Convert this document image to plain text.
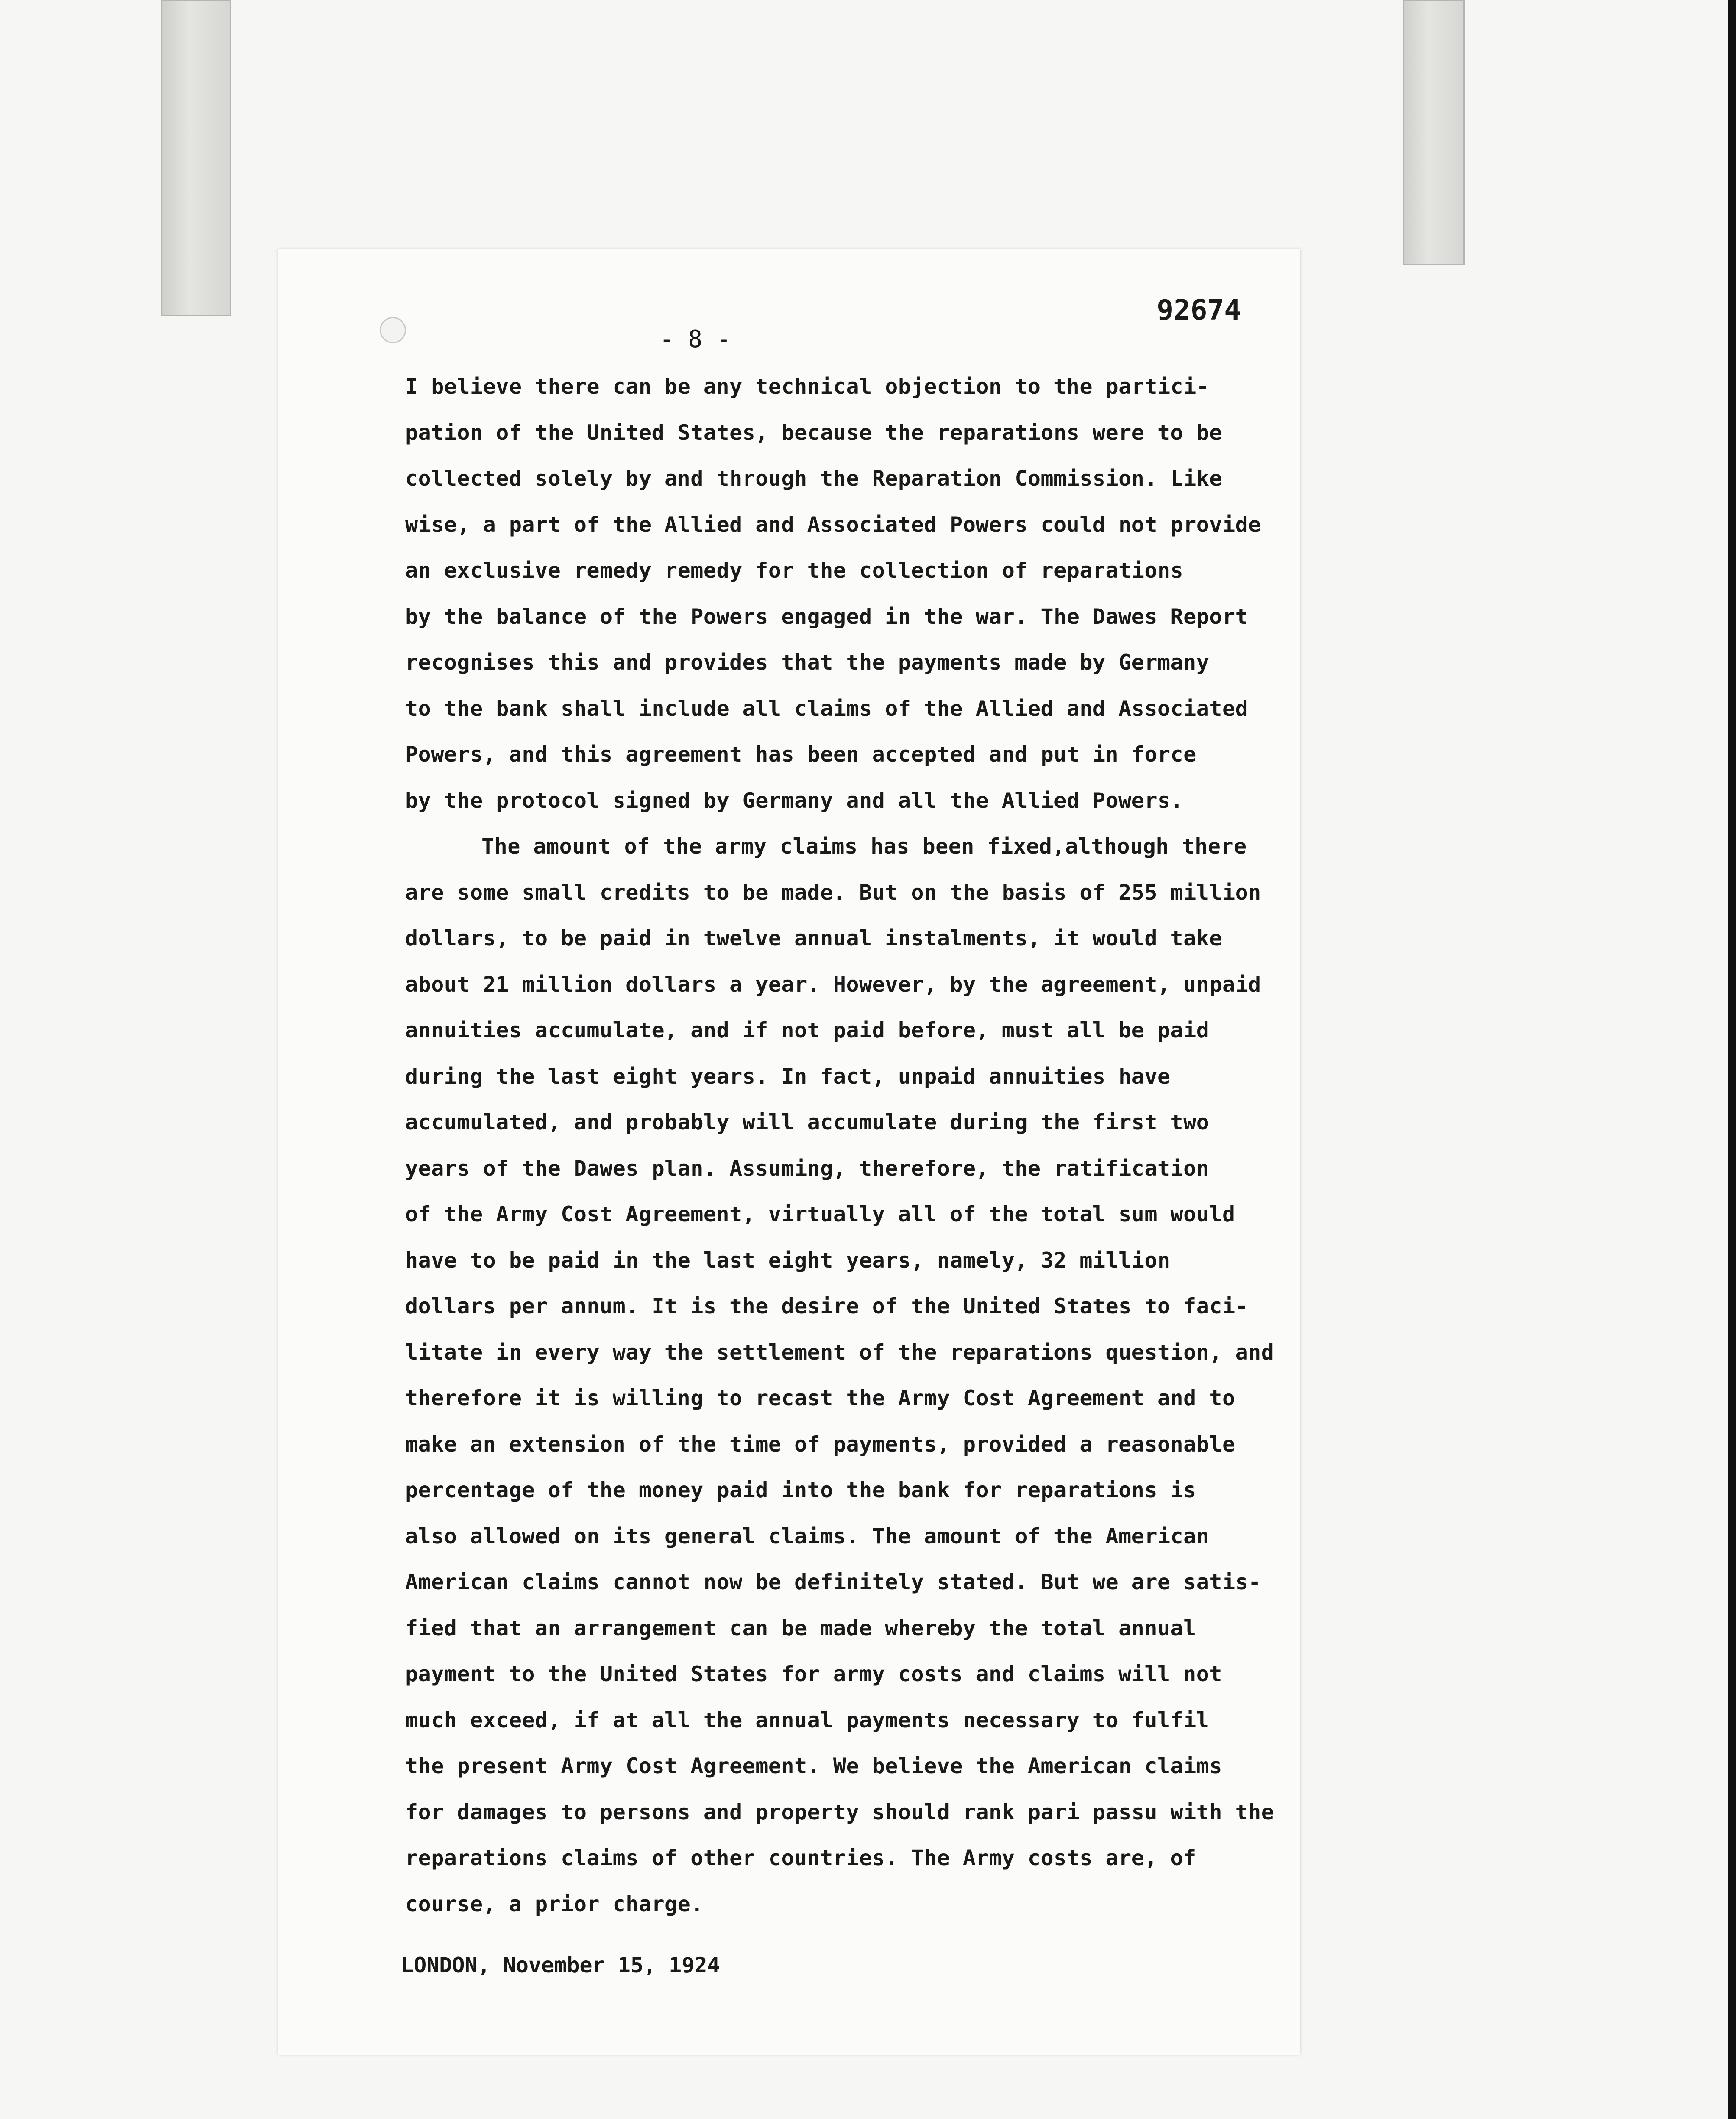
92674
- 8 -
I believe there can be any technical objection to the partici-
pation of the United States, because the reparations were to be
collected solely by and through the Reparation Commission. Like
wise, a part of the Allied and Associated Powers could not provide
an exclusive remedy remedy for the collection of reparations
by the balance of the Powers engaged in the war. The Dawes Report
recognises this and provides that the payments made by Germany
to the bank shall include all claims of the Allied and Associated
Powers, and this agreement has been accepted and put in force
by the protocol signed by Germany and all the Allied Powers.
The amount of the army claims has been fixed,although there
are some small credits to be made. But on the basis of 255 million
dollars, to be paid in twelve annual instalments, it would take
about 21 million dollars a year. However, by the agreement, unpaid
annuities accumulate, and if not paid before, must all be paid
during the last eight years. In fact, unpaid annuities have
accumulated, and probably will accumulate during the first two
years of the Dawes plan. Assuming, therefore, the ratification
of the Army Cost Agreement, virtually all of the total sum would
have to be paid in the last eight years, namely, 32 million
dollars per annum. It is the desire of the United States to faci-
litate in every way the settlement of the reparations question, and
therefore it is willing to recast the Army Cost Agreement and to
make an extension of the time of payments, provided a reasonable
percentage of the money paid into the bank for reparations is
also allowed on its general claims. The amount of the American
American claims cannot now be definitely stated. But we are satis-
fied that an arrangement can be made whereby the total annual
payment to the United States for army costs and claims will not
much exceed, if at all the annual payments necessary to fulfil
the present Army Cost Agreement. We believe the American claims
for damages to persons and property should rank pari passu with the
reparations claims of other countries. The Army costs are, of
course, a prior charge.
LONDON, November 15, 1924
